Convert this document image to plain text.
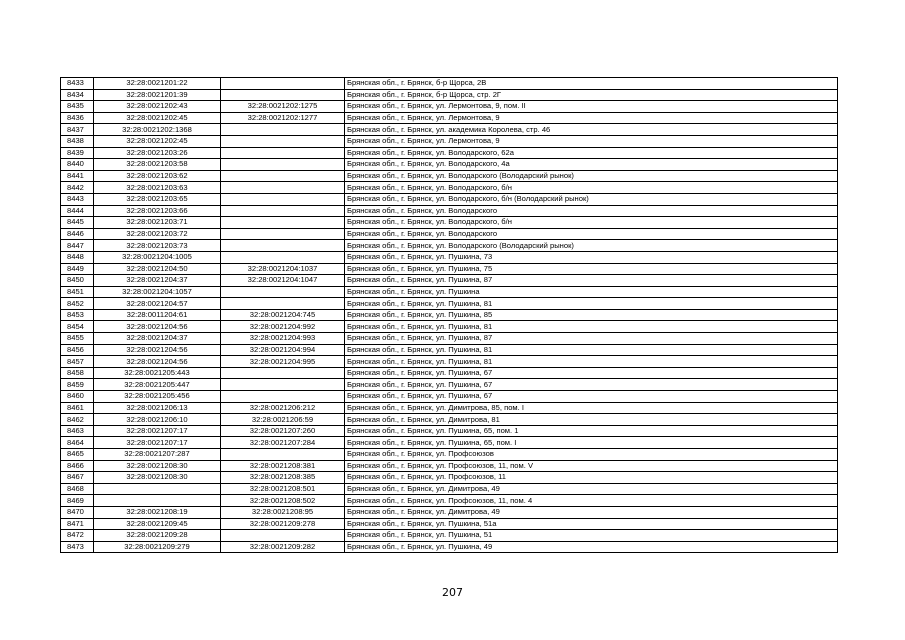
8433	32:28:0021201:22		Брянская обл., г. Брянск, б-р Щорса, 2В
8434	32:28:0021201:39		Брянская обл., г. Брянск, б-р Щорса, стр. 2Г
8435	32:28:0021202:43	32:28:0021202:1275	Брянская обл., г. Брянск, ул. Лермонтова, 9, пом. II
8436	32:28:0021202:45	32:28:0021202:1277	Брянская обл., г. Брянск, ул. Лермонтова, 9
8437	32:28:0021202:1368		Брянская обл., г. Брянск, ул. академика Королева, стр. 46
8438	32:28:0021202:45		Брянская обл., г. Брянск, ул. Лермонтова, 9
8439	32:28:0021203:26		Брянская обл., г. Брянск, ул. Володарского, 62а
8440	32:28:0021203:58		Брянская обл., г. Брянск, ул. Володарского, 4а
8441	32:28:0021203:62		Брянская обл., г. Брянск, ул. Володарского (Володарский рынок)
8442	32:28:0021203:63		Брянская обл., г. Брянск, ул. Володарского, б/н
8443	32:28:0021203:65		Брянская обл., г. Брянск, ул. Володарского, б/н (Володарский рынок)
8444	32:28:0021203:66		Брянская обл., г. Брянск, ул. Володарского
8445	32:28:0021203:71		Брянская обл., г. Брянск, ул. Володарского, б/н
8446	32:28:0021203:72		Брянская обл., г. Брянск, ул. Володарского
8447	32:28:0021203:73		Брянская обл., г. Брянск, ул. Володарского (Володарский рынок)
8448	32:28:0021204:1005		Брянская обл., г. Брянск, ул. Пушкина, 73
8449	32:28:0021204:50	32:28:0021204:1037	Брянская обл., г. Брянск, ул. Пушкина, 75
8450	32:28:0021204:37	32:28:0021204:1047	Брянская обл., г. Брянск, ул. Пушкина, 87
8451	32:28:0021204:1057		Брянская обл., г. Брянск, ул. Пушкина
8452	32:28:0021204:57		Брянская обл., г. Брянск, ул. Пушкина, 81
8453	32:28:0011204:61	32:28:0021204:745	Брянская обл., г. Брянск, ул. Пушкина, 85
8454	32:28:0021204:56	32:28:0021204:992	Брянская обл., г. Брянск, ул. Пушкина, 81
8455	32:28:0021204:37	32:28:0021204:993	Брянская обл., г. Брянск, ул. Пушкина, 87
8456	32:28:0021204:56	32:28:0021204:994	Брянская обл., г. Брянск, ул. Пушкина, 81
8457	32:28:0021204:56	32:28:0021204:995	Брянская обл., г. Брянск, ул. Пушкина, 81
8458	32:28:0021205:443		Брянская обл., г. Брянск, ул. Пушкина, 67
8459	32:28:0021205:447		Брянская обл., г. Брянск, ул. Пушкина, 67
8460	32:28:0021205:456		Брянская обл., г. Брянск, ул. Пушкина, 67
8461	32:28:0021206:13	32:28:0021206:212	Брянская обл., г. Брянск, ул. Димитрова, 85, пом. I
8462	32:28:0021206:10	32:28:0021206:59	Брянская обл., г. Брянск, ул. Димитрова, 81
8463	32:28:0021207:17	32:28:0021207:260	Брянская обл., г. Брянск, ул. Пушкина, 65, пом. 1
8464	32:28:0021207:17	32:28:0021207:284	Брянская обл., г. Брянск, ул. Пушкина, 65, пом. I
8465	32:28:0021207:287		Брянская обл., г. Брянск, ул. Профсоюзов
8466	32:28:0021208:30	32:28:0021208:381	Брянская обл., г. Брянск, ул. Профсоюзов, 11, пом. V
8467	32:28:0021208:30	32:28:0021208:385	Брянская обл., г. Брянск, ул. Профсоюзов, 11
8468		32:28:0021208:501	Брянская обл., г. Брянск, ул. Димитрова, 49
8469		32:28:0021208:502	Брянская обл., г. Брянск, ул. Профсоюзов, 11, пом. 4
8470	32:28:0021208:19	32:28:0021208:95	Брянская обл., г. Брянск, ул. Димитрова, 49
8471	32:28:0021209:45	32:28:0021209:278	Брянская обл., г. Брянск, ул. Пушкина, 51а
8472	32:28:0021209:28		Брянская обл., г. Брянск, ул. Пушкина, 51
8473	32:28:0021209:279	32:28:0021209:282	Брянская обл., г. Брянск, ул. Пушкина, 49
207
